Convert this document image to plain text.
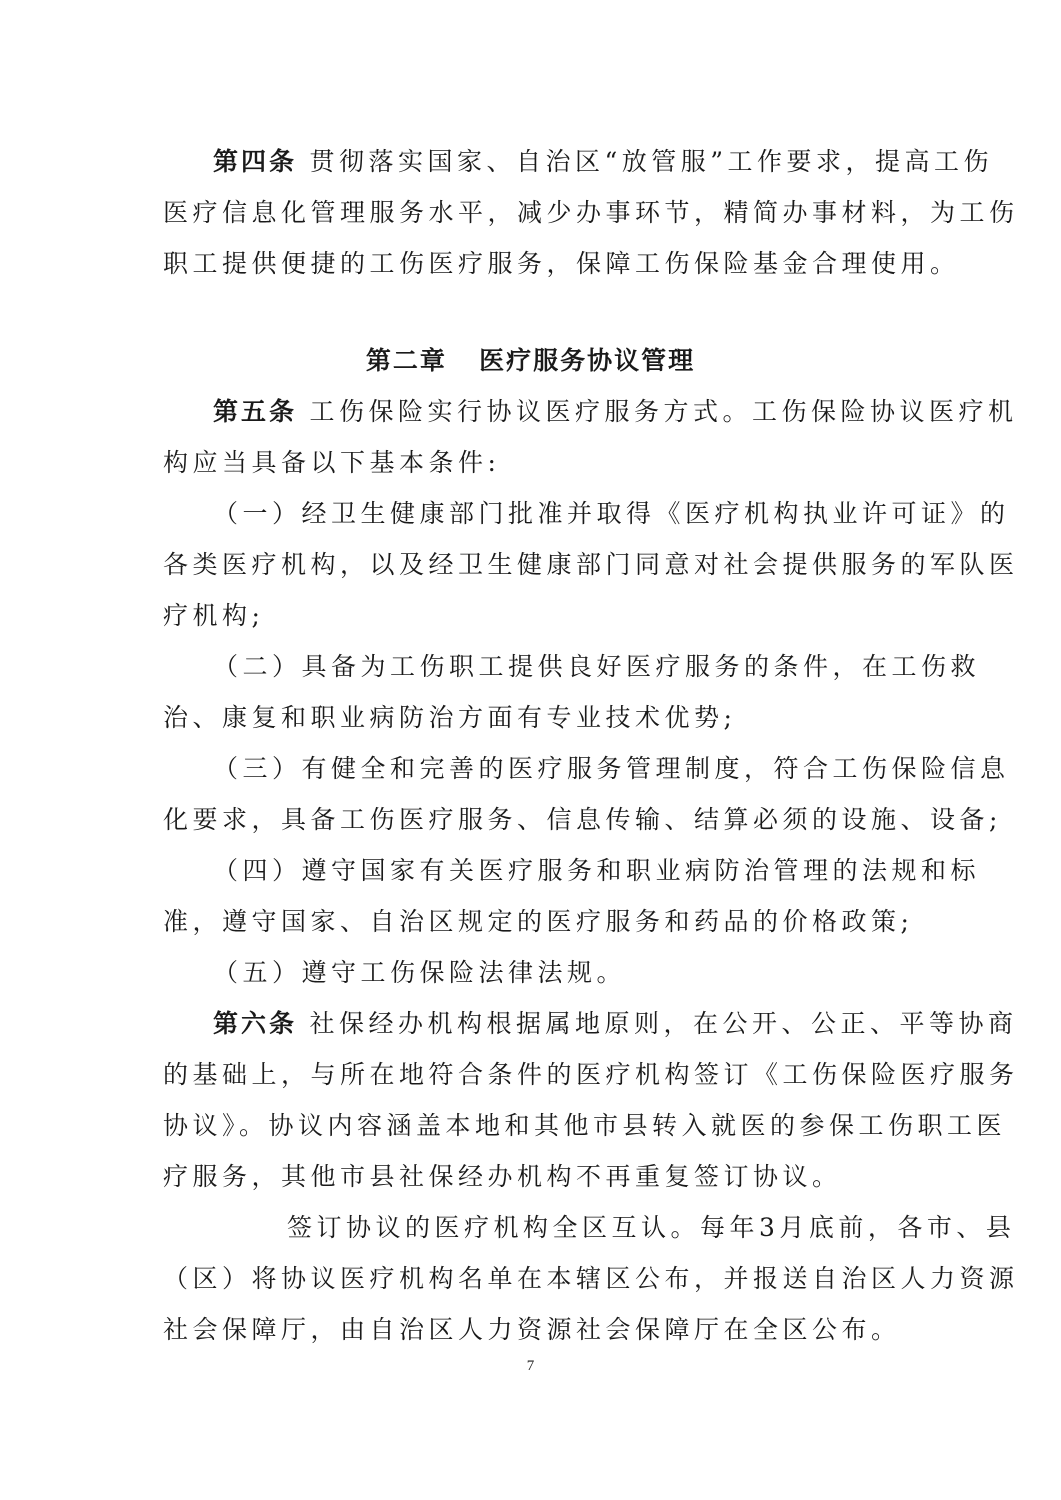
第四条 贯彻落实国家、自治区“放管服”工作要求，提高工伤
医疗信息化管理服务水平，减少办事环节，精简办事材料，为工伤
职工提供便捷的工伤医疗服务，保障工伤保险基金合理使用。
第二章 医疗服务协议管理
第五条 工伤保险实行协议医疗服务方式。工伤保险协议医疗机
构应当具备以下基本条件:
（一）经卫生健康部门批准并取得《医疗机构执业许可证》的
各类医疗机构，以及经卫生健康部门同意对社会提供服务的军队医
疗机构;
（二）具备为工伤职工提供良好医疗服务的条件，在工伤救
治、康复和职业病防治方面有专业技术优势;
（三）有健全和完善的医疗服务管理制度，符合工伤保险信息
化要求，具备工伤医疗服务、信息传输、结算必须的设施、设备;
（四）遵守国家有关医疗服务和职业病防治管理的法规和标
准，遵守国家、自治区规定的医疗服务和药品的价格政策;
（五）遵守工伤保险法律法规。
第六条 社保经办机构根据属地原则，在公开、公正、平等协商
的基础上，与所在地符合条件的医疗机构签订《工伤保险医疗服务
协议》。协议内容涵盖本地和其他市县转入就医的参保工伤职工医
疗服务，其他市县社保经办机构不再重复签订协议。
签订协议的医疗机构全区互认。每年3月底前，各市、县
（区）将协议医疗机构名单在本辖区公布，并报送自治区人力资源
社会保障厅，由自治区人力资源社会保障厅在全区公布。
7
